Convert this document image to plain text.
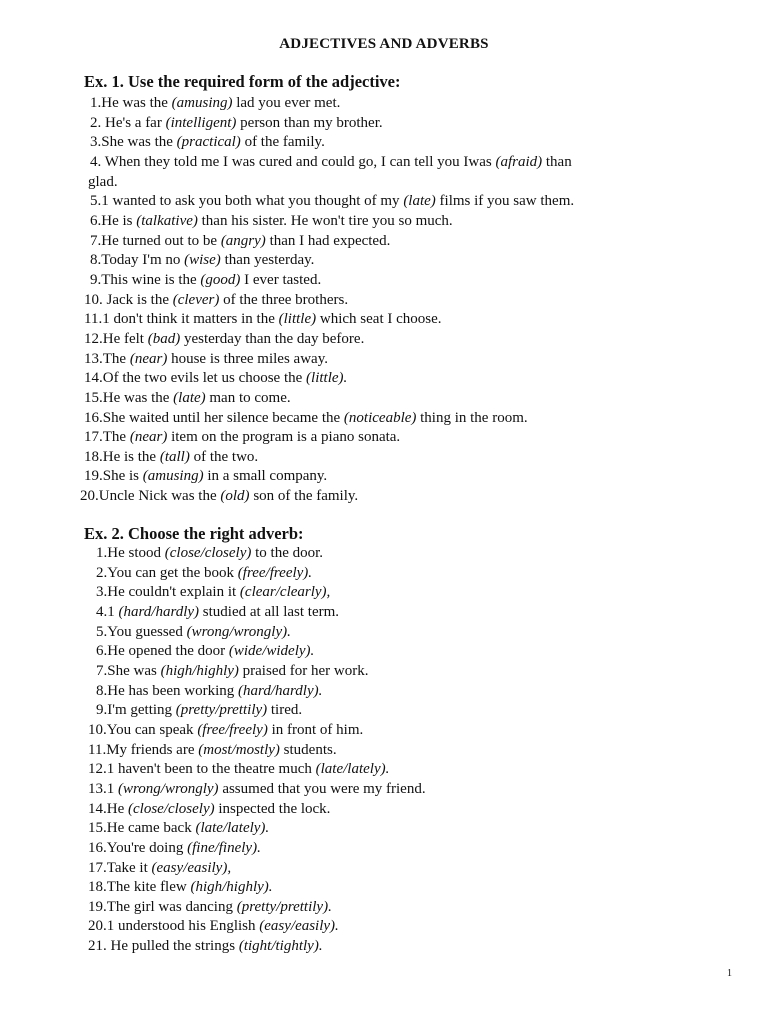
ADJECTIVES AND ADVERBS
Ex. 1. Use the required form of the adjective:
1.He was the (amusing) lad you ever met.
2. He's a far (intelligent) person than my brother.
3.She was the (practical) of the family.
4. When they told me I was cured and could go, I can tell you Iwas (afraid) than
glad.
5.1 wanted to ask you both what you thought of my (late) films if you saw them.
6.He is (talkative) than his sister. He won't tire you so much.
7.He turned out to be (angry) than I had expected.
8.Today I'm no (wise) than yesterday.
9.This wine is the (good) I ever tasted.
10. Jack is the (clever) of the three brothers.
11.1 don't think it matters in the (little) which seat I choose.
12.He felt (bad) yesterday than the day before.
13.The (near) house is three miles away.
14.Of the two evils let us choose the (little).
15.He was the (late) man to come.
16.She waited until her silence became the (noticeable) thing in the room.
17.The (near) item on the program is a piano sonata.
18.He is the (tall) of the two.
19.She is (amusing) in a small company.
20.Uncle Nick was the (old) son of the family.
Ex. 2. Choose the right adverb:
1.He stood (close/closely) to the door.
2.You can get the book (free/freely).
3.He couldn't explain it (clear/clearly),
4.1 (hard/hardly) studied at all last term.
5.You guessed (wrong/wrongly).
6.He opened the door (wide/widely).
7.She was (high/highly) praised for her work.
8.He has been working (hard/hardly).
9.I'm getting (pretty/prettily) tired.
10.You can speak (free/freely) in front of him.
11.My friends are (most/mostly) students.
12.1 haven't been to the theatre much (late/lately).
13.1 (wrong/wrongly) assumed that you were my friend.
14.He (close/closely) inspected the lock.
15.He came back (late/lately).
16.You're doing (fine/finely).
17.Take it (easy/easily),
18.The kite flew (high/highly).
19.The girl was dancing (pretty/prettily).
20.1 understood his English (easy/easily).
21. He pulled the strings (tight/tightly).
1
